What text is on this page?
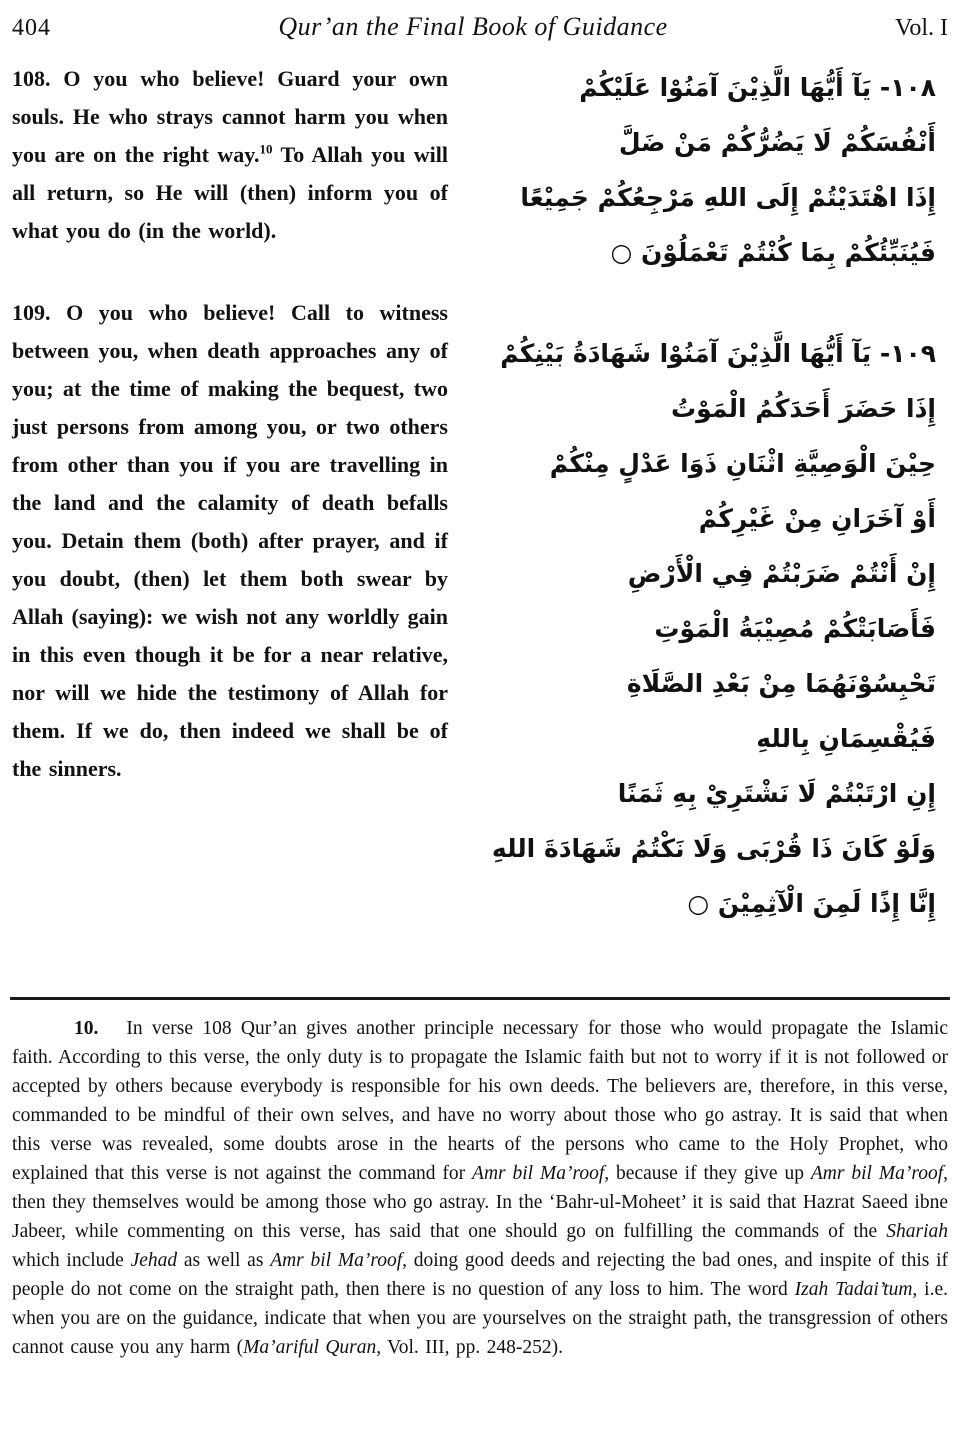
404	Qur’an the Final Book of Guidance	Vol. I

108. O you who believe! Guard your own souls. He who strays cannot harm you when you are on the right way.$^{10}$ To Allah you will all return, so He will (then) inform you of what you do (in the world).

109. O you who believe! Call to witness between you, when death approaches any of you; at the time of making the bequest, two just persons from among you, or two others from other than you if you are travelling in the land and the calamity of death befalls you. Detain them (both) after prayer, and if you doubt, (then) let them both swear by Allah (saying): we wish not any worldly gain in this even though it be for a near relative, nor will we hide the testimony of Allah for them. If we do, then indeed we shall be of the sinners.

١٠٨- يَآ أَيُّهَا الَّذِيْنَ آمَنُوْا عَلَيْكُمْ
أَنْفُسَكُمْ لَا يَضُرُّكُمْ مَنْ ضَلَّ
إِذَا اهْتَدَيْتُمْ إِلَى اللهِ مَرْجِعُكُمْ جَمِيْعًا
فَيُنَبِّئُكُمْ بِمَا كُنْتُمْ تَعْمَلُوْنَ ○
١٠٩- يَآ أَيُّهَا الَّذِيْنَ آمَنُوْا شَهَادَةُ بَيْنِكُمْ
إِذَا حَضَرَ أَحَدَكُمُ الْمَوْتُ
حِيْنَ الْوَصِيَّةِ اثْنَانِ ذَوَا عَدْلٍ مِنْكُمْ
أَوْ آخَرَانِ مِنْ غَيْرِكُمْ
إِنْ أَنْتُمْ ضَرَبْتُمْ فِي الْأَرْضِ
فَأَصَابَتْكُمْ مُصِيْبَةُ الْمَوْتِ
تَحْبِسُوْنَهُمَا مِنْ بَعْدِ الصَّلَاةِ
فَيُقْسِمَانِ بِاللهِ
إِنِ ارْتَبْتُمْ لَا نَشْتَرِيْ بِهِ ثَمَنًا
وَلَوْ كَانَ ذَا قُرْبَى وَلَا نَكْتُمُ شَهَادَةَ اللهِ
إِنَّا إِذًا لَمِنَ الْآثِمِيْنَ ○

10. In verse 108 Qur’an gives another principle necessary for those who would propagate the Islamic faith. According to this verse, the only duty is to propagate the Islamic faith but not to worry if it is not followed or accepted by others because everybody is responsible for his own deeds. The believers are, therefore, in this verse, commanded to be mindful of their own selves, and have no worry about those who go astray. It is said that when this verse was revealed, some doubts arose in the hearts of the persons who came to the Holy Prophet, who explained that this verse is not against the command for Amr bil Ma’roof, because if they give up Amr bil Ma’roof, then they themselves would be among those who go astray. In the ‘Bahr-ul-Moheet’ it is said that Hazrat Saeed ibne Jabeer, while commenting on this verse, has said that one should go on fulfilling the commands of the Shariah which include Jehad as well as Amr bil Ma’roof, doing good deeds and rejecting the bad ones, and inspite of this if people do not come on the straight path, then there is no question of any loss to him. The word Izah Tadai’tum, i.e. when you are on the guidance, indicate that when you are yourselves on the straight path, the transgression of others cannot cause you any harm (Ma’ariful Quran, Vol. III, pp. 248-252).
